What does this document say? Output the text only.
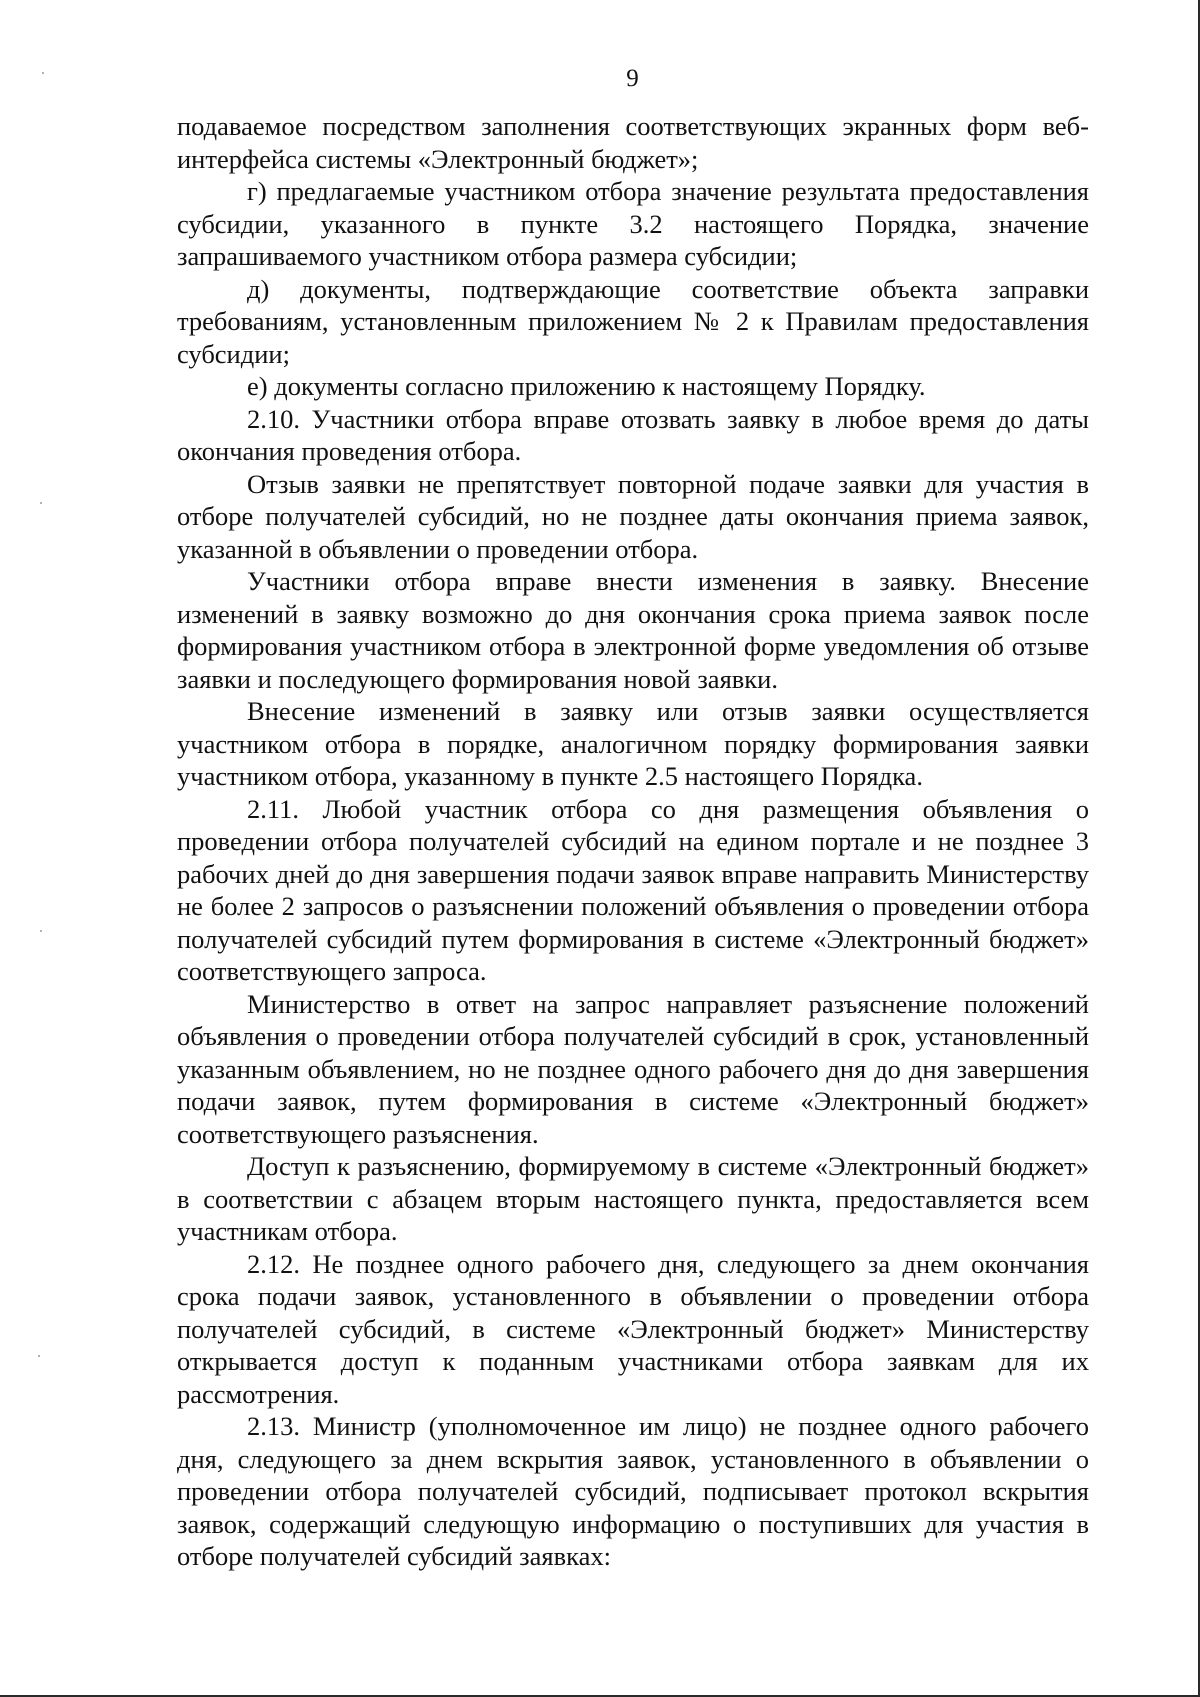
9

подаваемое посредством заполнения соответствующих экранных форм веб-интерфейса системы «Электронный бюджет»;

г) предлагаемые участником отбора значение результата предоставления субсидии, указанного в пункте 3.2 настоящего Порядка, значение запрашиваемого участником отбора размера субсидии;

д) документы, подтверждающие соответствие объекта заправки требованиям, установленным приложением № 2 к Правилам предоставления субсидии;

е) документы согласно приложению к настоящему Порядку.

2.10. Участники отбора вправе отозвать заявку в любое время до даты окончания проведения отбора.

Отзыв заявки не препятствует повторной подаче заявки для участия в отборе получателей субсидий, но не позднее даты окончания приема заявок, указанной в объявлении о проведении отбора.

Участники отбора вправе внести изменения в заявку. Внесение изменений в заявку возможно до дня окончания срока приема заявок после формирования участником отбора в электронной форме уведомления об отзыве заявки и последующего формирования новой заявки.

Внесение изменений в заявку или отзыв заявки осуществляется участником отбора в порядке, аналогичном порядку формирования заявки участником отбора, указанному в пункте 2.5 настоящего Порядка.

2.11. Любой участник отбора со дня размещения объявления о проведении отбора получателей субсидий на едином портале и не позднее 3 рабочих дней до дня завершения подачи заявок вправе направить Министерству не более 2 запросов о разъяснении положений объявления о проведении отбора получателей субсидий путем формирования в системе «Электронный бюджет» соответствующего запроса.

Министерство в ответ на запрос направляет разъяснение положений объявления о проведении отбора получателей субсидий в срок, установленный указанным объявлением, но не позднее одного рабочего дня до дня завершения подачи заявок, путем формирования в системе «Электронный бюджет» соответствующего разъяснения.

Доступ к разъяснению, формируемому в системе «Электронный бюджет» в соответствии с абзацем вторым настоящего пункта, предоставляется всем участникам отбора.

2.12. Не позднее одного рабочего дня, следующего за днем окончания срока подачи заявок, установленного в объявлении о проведении отбора получателей субсидий, в системе «Электронный бюджет» Министерству открывается доступ к поданным участниками отбора заявкам для их рассмотрения.

2.13. Министр (уполномоченное им лицо) не позднее одного рабочего дня, следующего за днем вскрытия заявок, установленного в объявлении о проведении отбора получателей субсидий, подписывает протокол вскрытия заявок, содержащий следующую информацию о поступивших для участия в отборе получателей субсидий заявках:
